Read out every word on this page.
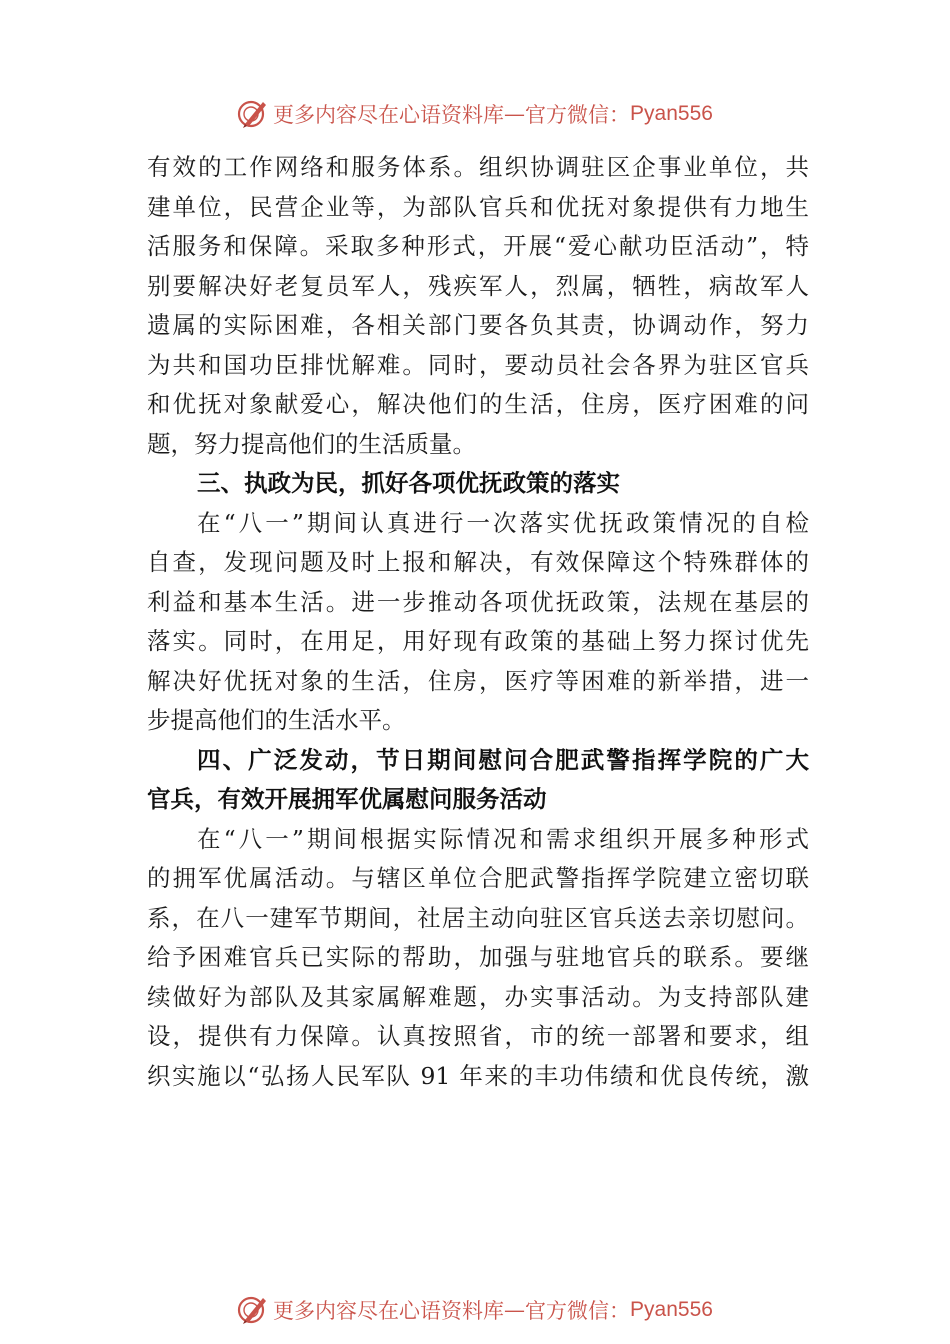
更多内容尽在心语资料库 — 官方微信： Pyan556
有效的工作网络和服务体系。组织协调驻区企事业单位，共
建单位，民营企业等，为部队官兵和优抚对象提供有力地生
活服务和保障。采取多种形式，开展“爱心献功臣活动”，特
别要解决好老复员军人，残疾军人，烈属，牺牲，病故军人
遗属的实际困难，各相关部门要各负其责，协调动作，努力
为共和国功臣排忧解难。同时，要动员社会各界为驻区官兵
和优抚对象献爱心，解决他们的生活，住房，医疗困难的问
题，努力提高他们的生活质量。
三、执政为民，抓好各项优抚政策的落实
在“八一”期间认真进行一次落实优抚政策情况的自检
自查，发现问题及时上报和解决，有效保障这个特殊群体的
利益和基本生活。进一步推动各项优抚政策，法规在基层的
落实。同时，在用足，用好现有政策的基础上努力探讨优先
解决好优抚对象的生活，住房，医疗等困难的新举措，进一
步提高他们的生活水平。
四、广泛发动，节日期间慰问合肥武警指挥学院的广大
官兵，有效开展拥军优属慰问服务活动
在“八一”期间根据实际情况和需求组织开展多种形式
的拥军优属活动。与辖区单位合肥武警指挥学院建立密切联
系，在八一建军节期间，社居主动向驻区官兵送去亲切慰问。
给予困难官兵已实际的帮助，加强与驻地官兵的联系。要继
续做好为部队及其家属解难题，办实事活动。为支持部队建
设，提供有力保障。认真按照省，市的统一部署和要求，组
织实施以“弘扬人民军队 91 年来的丰功伟绩和优良传统，激
更多内容尽在心语资料库 — 官方微信： Pyan556
